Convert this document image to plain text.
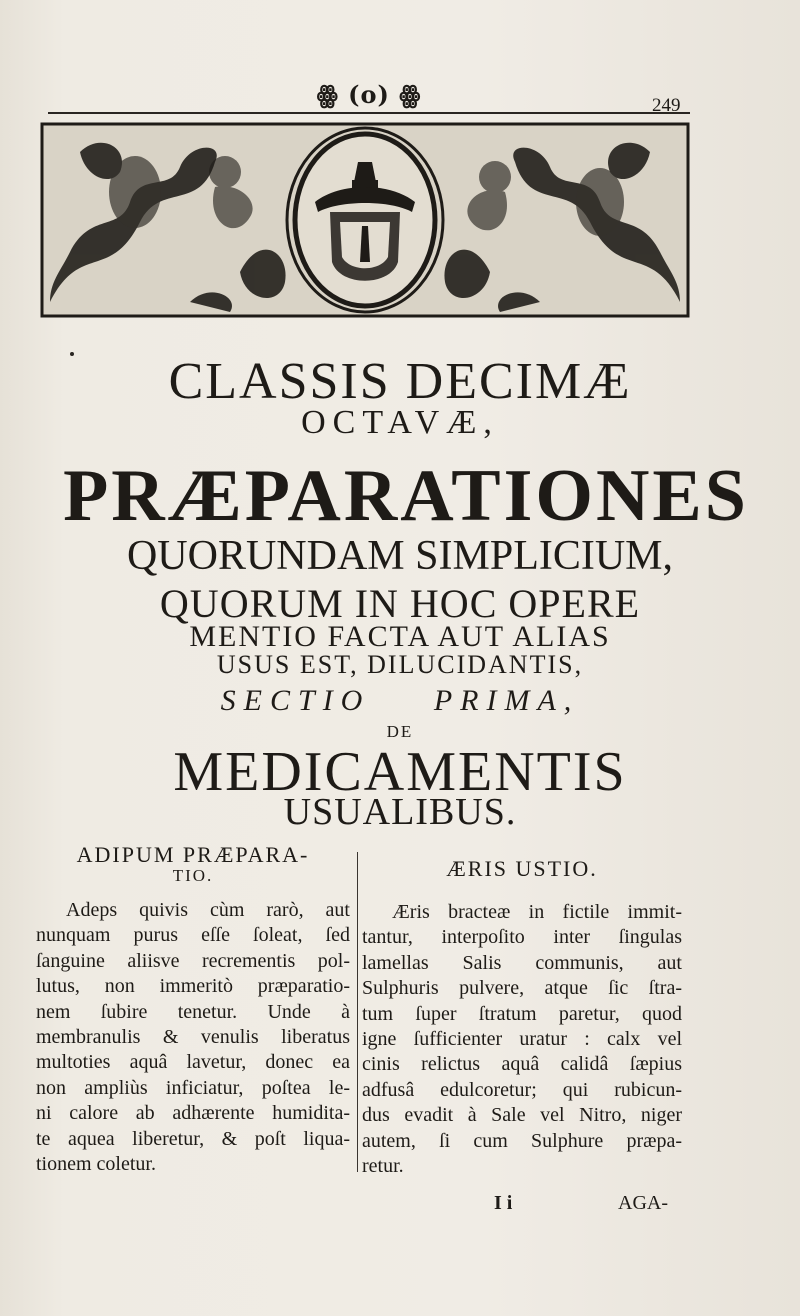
ꙮ (o) ꙮ	249
CLASSIS DECIMÆ
OCTAVÆ,
PRÆPARATIONES
QUORUNDAM SIMPLICIUM,
QUORUM IN HOC OPERE
MENTIO FACTA AUT ALIAS
USUS EST, DILUCIDANTIS,
SECTIO PRIMA,
DE
MEDICAMENTIS
USUALIBUS.
ADIPUM PRÆPARA-
TIO.
Adeps quivis cùm rarò, aut
nunquam purus eſſe ſoleat, ſed
ſanguine aliisve recrementis pol-
lutus, non immeritò præparatio-
nem ſubire tenetur. Unde à
membranulis & venulis liberatus
multoties aquâ lavetur, donec ea
non ampliùs inficiatur, poſtea le-
ni calore ab adhærente humidita-
te aquea liberetur, & poſt liqua-
tionem coletur.
ÆRIS USTIO.
Æris bracteæ in fictile immit-
tantur, interpoſito inter ſingulas
lamellas Salis communis, aut
Sulphuris pulvere, atque ſic ſtra-
tum ſuper ſtratum paretur, quod
igne ſufficienter uratur : calx vel
cinis relictus aquâ calidâ ſæpius
adfusâ edulcoretur; qui rubicun-
dus evadit à Sale vel Nitro, niger
autem, ſi cum Sulphure præpa-
retur.
I i	AGA-
